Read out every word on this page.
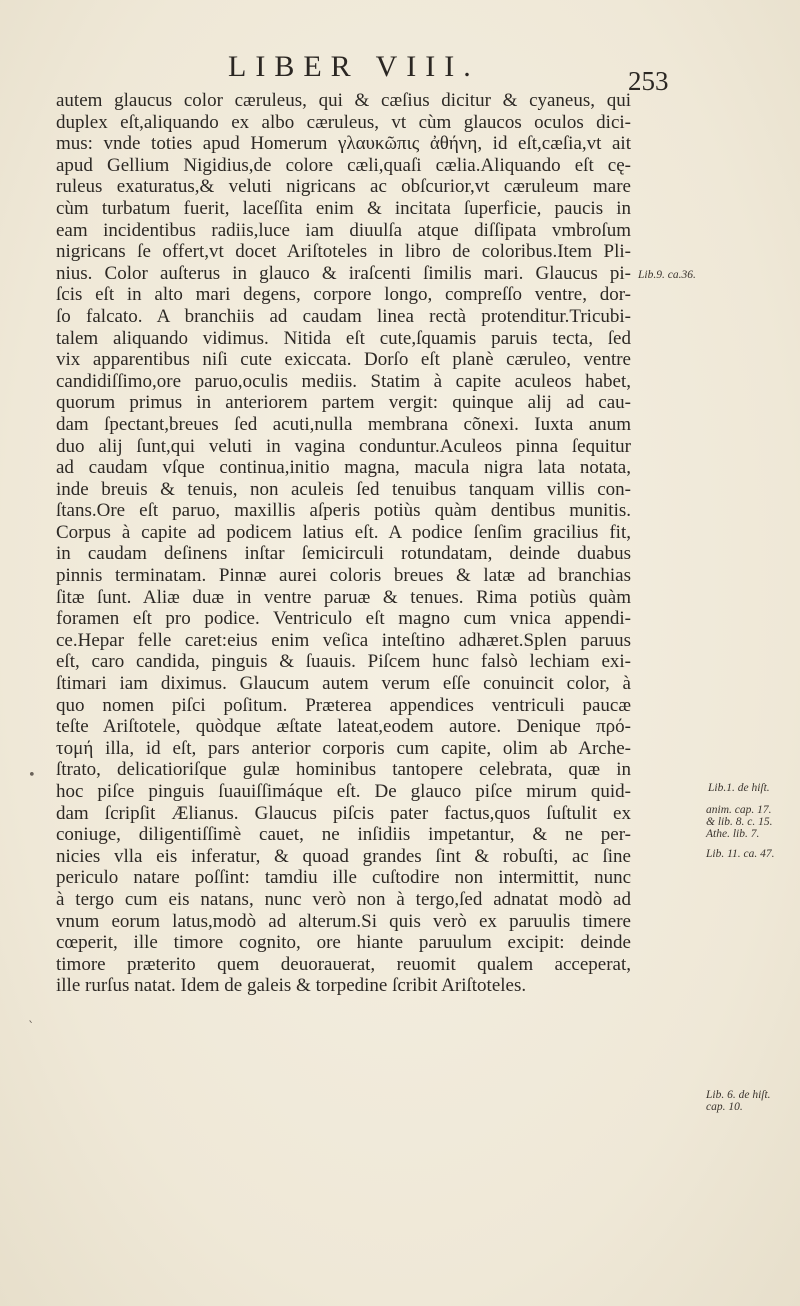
LIBER VIII.	253
autem glaucus color cæruleus, qui & cæſius dicitur & cyaneus, qui
duplex eſt,aliquando ex albo cæruleus, vt cùm glaucos oculos dici-
mus: vnde toties apud Homerum γλαυκῶπις ἀθήνη, id eſt,cæſia,vt ait
apud Gellium Nigidius,de colore cæli,quaſi cælia.Aliquando eſt cę-
ruleus exaturatus,& veluti nigricans ac obſcurior,vt cæruleum mare
cùm turbatum fuerit, laceſſita enim & incitata ſuperficie, paucis in
eam incidentibus radiis,luce iam diuulſa atque diſſipata vmbroſum
nigricans ſe offert,vt docet Ariſtoteles in libro de coloribus.Item Pli-
nius. Color auſterus in glauco & iraſcenti ſimilis mari. Glaucus pi-
ſcis eſt in alto mari degens, corpore longo, compreſſo ventre, dor-
ſo falcato. A branchiis ad caudam linea rectà protenditur.Tricubi-
talem aliquando vidimus. Nitida eſt cute,ſquamis paruis tecta, ſed
vix apparentibus niſi cute exiccata. Dorſo eſt planè cæruleo, ventre
candidiſſimo,ore paruo,oculis mediis. Statim à capite aculeos habet,
quorum primus in anteriorem partem vergit: quinque alij ad cau-
dam ſpectant,breues ſed acuti,nulla membrana cõnexi. Iuxta anum
duo alij ſunt,qui veluti in vagina conduntur.Aculeos pinna ſequitur
ad caudam vſque continua,initio magna, macula nigra lata notata,
inde breuis & tenuis, non aculeis ſed tenuibus tanquam villis con-
ſtans.Ore eſt paruo, maxillis aſperis potiùs quàm dentibus munitis.
Corpus à capite ad podicem latius eſt. A podice ſenſim gracilius fit,
in caudam deſinens inſtar ſemicirculi rotundatam, deinde duabus
pinnis terminatam. Pinnæ aurei coloris breues & latæ ad branchias
ſitæ ſunt. Aliæ duæ in ventre paruæ & tenues. Rima potiùs quàm
foramen eſt pro podice. Ventriculo eſt magno cum vnica appendi-
ce.Hepar felle caret:eius enim veſica inteſtino adhæret.Splen paruus
eſt, caro candida, pinguis & ſuauis. Piſcem hunc falsò lechiam exi-
ſtimari iam diximus. Glaucum autem verum eſſe conuincit color, à
quo nomen piſci poſitum. Præterea appendices ventriculi paucæ
teſte Ariſtotele, quòdque æſtate lateat,eodem autore. Denique πρό-
τομή illa, id eſt, pars anterior corporis cum capite, olim ab Arche-
ſtrato, delicatioriſque gulæ hominibus tantopere celebrata, quæ in
hoc piſce pinguis ſuauiſſimáque eſt. De glauco piſce mirum quid-
dam ſcripſit Ælianus. Glaucus piſcis pater factus,quos ſuſtulit ex
coniuge, diligentiſſimè cauet, ne inſidiis impetantur, & ne per-
nicies vlla eis inferatur, & quoad grandes ſint & robuſti, ac ſine
periculo natare poſſint: tamdiu ille cuſtodire non intermittit, nunc
à tergo cum eis natans, nunc verò non à tergo,ſed adnatat modò ad
vnum eorum latus,modò ad alterum.Si quis verò ex paruulis timere
cœperit, ille timore cognito, ore hiante paruulum excipit: deinde
timore præterito quem deuorauerat, reuomit qualem acceperat,
ille rurſus natat. Idem de galeis & torpedine ſcribit Ariſtoteles.
Lib.9. ca.36.
Lib.1. de hiſt.
anim. cap. 17.
& lib. 8. c. 15.
Athe. lib. 7.
Lib. 11. ca. 47.
Lib. 6. de hiſt.
cap. 10.
•
ˋ
